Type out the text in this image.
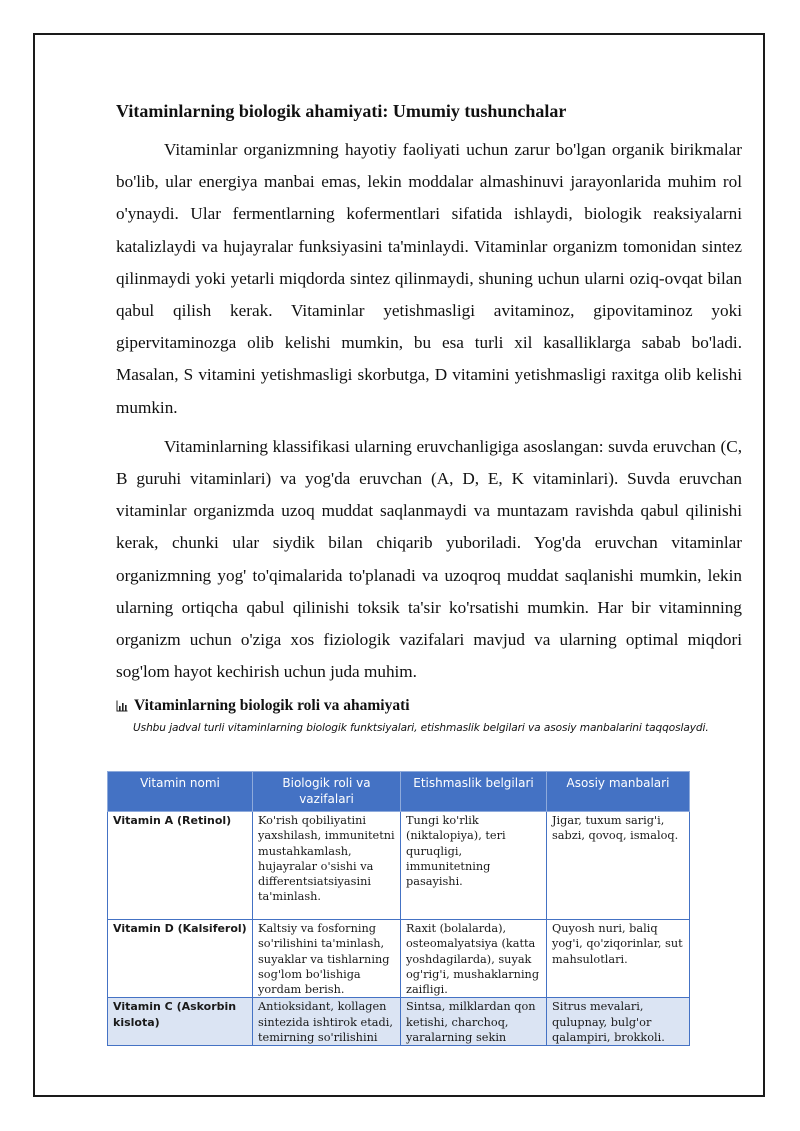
Vitaminlarning biologik ahamiyati: Umumiy tushunchalar

Vitaminlar organizmning hayotiy faoliyati uchun zarur bo'lgan organik birikmalar bo'lib, ular energiya manbai emas, lekin moddalar almashinuvi jarayonlarida muhim rol o'ynaydi. Ular fermentlarning kofermentlari sifatida ishlaydi, biologik reaksiyalarni katalizlaydi va hujayralar funksiyasini ta'minlaydi. Vitaminlar organizm tomonidan sintez qilinmaydi yoki yetarli miqdorda sintez qilinmaydi, shuning uchun ularni oziq-ovqat bilan qabul qilish kerak. Vitaminlar yetishmasligi avitaminoz, gipovitaminoz yoki gipervitaminozga olib kelishi mumkin, bu esa turli xil kasalliklarga sabab bo'ladi. Masalan, S vitamini yetishmasligi skorbutga, D vitamini yetishmasligi raxitga olib kelishi mumkin.

Vitaminlarning klassifikasi ularning eruvchanligiga asoslangan: suvda eruvchan (C, B guruhi vitaminlari) va yog'da eruvchan (A, D, E, K vitaminlari). Suvda eruvchan vitaminlar organizmda uzoq muddat saqlanmaydi va muntazam ravishda qabul qilinishi kerak, chunki ular siydik bilan chiqarib yuboriladi. Yog'da eruvchan vitaminlar organizmning yog' to'qimalarida to'planadi va uzoqroq muddat saqlanishi mumkin, lekin ularning ortiqcha qabul qilinishi toksik ta'sir ko'rsatishi mumkin. Har bir vitaminning organizm uchun o'ziga xos fiziologik vazifalari mavjud va ularning optimal miqdori sog'lom hayot kechirish uchun juda muhim.

Vitaminlarning biologik roli va ahamiyati
Ushbu jadval turli vitaminlarning biologik funktsiyalari, etishmaslik belgilari va asosiy manbalarini taqqoslaydi.
Vitamin nomi	Biologik roli va vazifalari	Etishmaslik belgilari	Asosiy manbalari
Vitamin A (Retinol)	Ko'rish qobiliyatini yaxshilash, immunitetni mustahkamlash, hujayralar o'sishi va differentsiatsiyasini ta'minlash.	Tungi ko'rlik (niktalopiya), teri quruqligi, immunitetning pasayishi.	Jigar, tuxum sarig'i, sabzi, qovoq, ismaloq.
Vitamin D (Kalsiferol)	Kaltsiy va fosforning so'rilishini ta'minlash, suyaklar va tishlarning sog'lom bo'lishiga yordam berish.	Raxit (bolalarda), osteomalyatsiya (katta yoshdagilarda), suyak og'rig'i, mushaklarning zaifligi.	Quyosh nuri, baliq yog'i, qo'ziqorinlar, sut mahsulotlari.
Vitamin C (Askorbin kislota)	Antioksidant, kollagen sintezida ishtirok etadi, temirning so'rilishini	Sintsa, milklardan qon ketishi, charchoq, yaralarning sekin	Sitrus mevalari, qulupnay, bulg'or qalampiri, brokkoli.
